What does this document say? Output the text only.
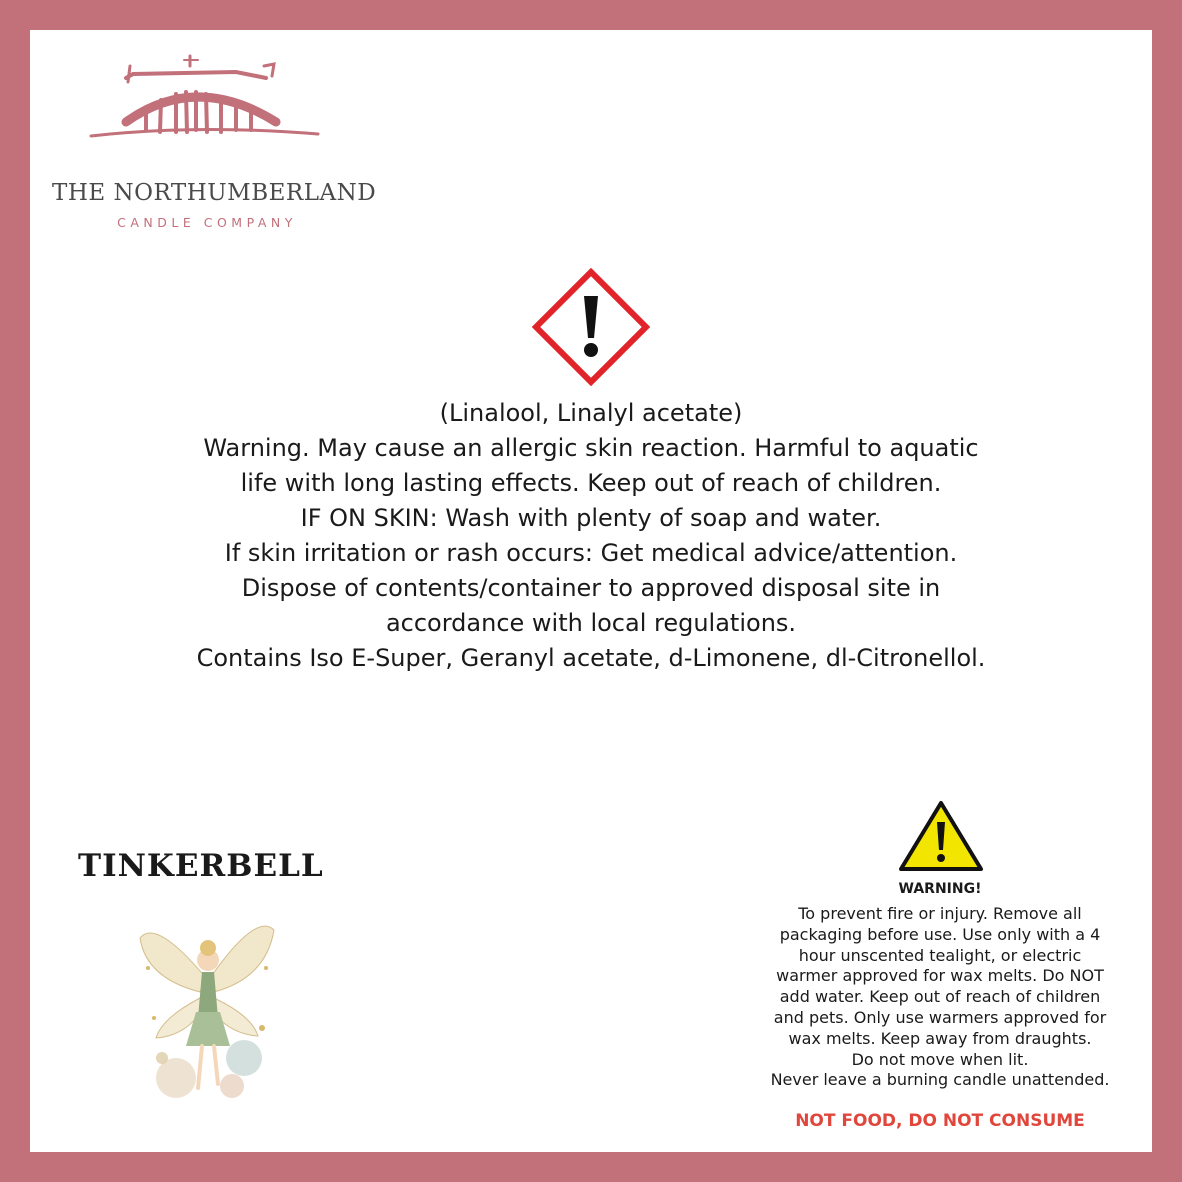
THE NORTHUMBERLAND
CANDLE COMPANY
(Linalool, Linalyl acetate)
Warning. May cause an allergic skin reaction. Harmful to aquatic
life with long lasting effects. Keep out of reach of children.
IF ON SKIN: Wash with plenty of soap and water.
If skin irritation or rash occurs: Get medical advice/attention.
Dispose of contents/container to approved disposal site in
accordance with local regulations.
Contains Iso E-Super, Geranyl acetate, d-Limonene, dl-Citronellol.
TINKERBELL
WARNING!
To prevent fire or injury. Remove all
packaging before use. Use only with a 4
hour unscented tealight, or electric
warmer approved for wax melts. Do NOT
add water. Keep out of reach of children
and pets. Only use warmers approved for
wax melts. Keep away from draughts.
Do not move when lit.
Never leave a burning candle unattended.
NOT FOOD, DO NOT CONSUME
